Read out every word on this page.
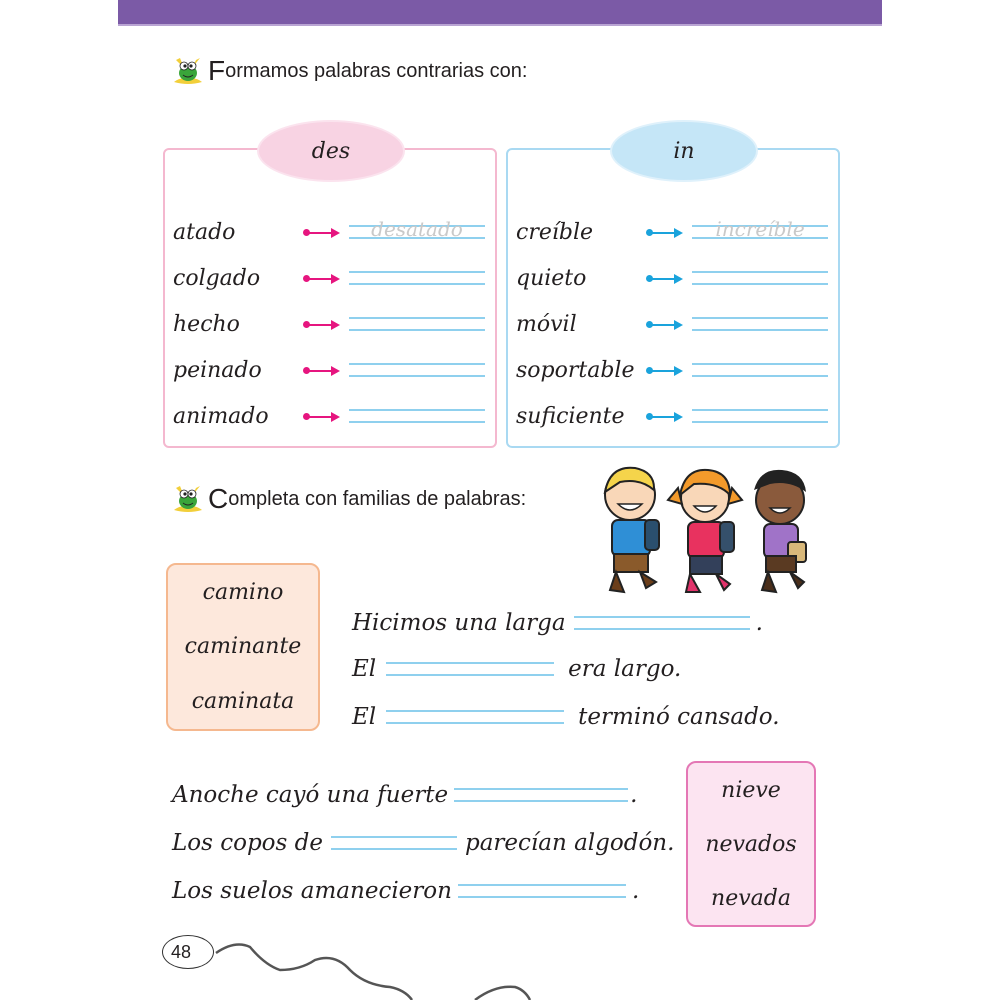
F ormamos palabras contrarias con:
des
atado	desatado
colgado
hecho
peinado
animado
in
creíble	increíble
quieto
móvil
soportable
suficiente
C ompleta con familias de palabras:
camino
caminante
caminata
Hicimos una larga	.
El	era largo.
El	terminó cansado.
Anoche cayó una fuerte	.
Los copos de	parecían algodón.
Los suelos amanecieron	.
nieve
nevados
nevada
48
